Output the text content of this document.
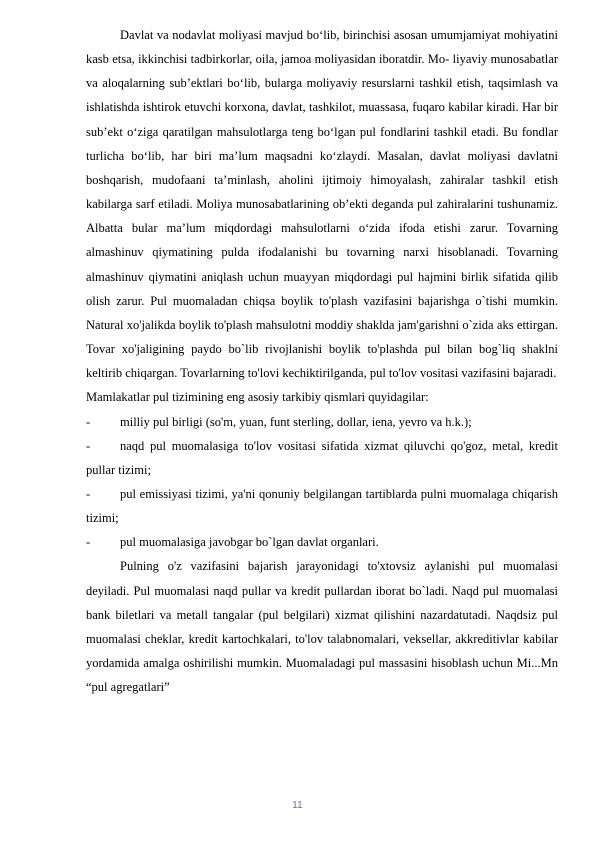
Davlat va nodavlat moliyasi mavjud bo‘lib, birinchisi asosan umumjamiyat mohiyatini kasb etsa, ikkinchisi tadbirkorlar, oila, jamoa moliyasidan iboratdir. Mo- liyaviy munosabatlar va aloqalarning sub’ektlari bo‘lib, bularga moliyaviy resurslarni tashkil etish, taqsimlash va ishlatishda ishtirok etuvchi korxona, davlat, tashkilot, muassasa, fuqaro kabilar kiradi. Har bir sub’ekt o‘ziga qaratilgan mahsulotlarga teng bo‘lgan pul fondlarini tashkil etadi. Bu fondlar turlicha bo‘lib, har biri ma’lum maqsadni ko‘zlaydi. Masalan, davlat moliyasi davlatni boshqarish, mudofaani ta’minlash, aholini ijtimoiy himoyalash, zahiralar tashkil etish kabilarga sarf etiladi. Moliya munosabatlarining ob’ekti deganda pul zahiralarini tushunamiz. Albatta bular ma’lum miqdordagi mahsulotlarni o‘zida ifoda etishi zarur. Tovarning almashinuv qiymatining pulda ifodalanishi bu tovarning narxi hisoblanadi. Tovarning almashinuv qiymatini aniqlash uchun muayyan miqdordagi pul hajmini birlik sifatida qilib olish zarur. Pul muomaladan chiqsa boylik to'plash vazifasini bajarishga o`tishi mumkin. Natural xo'jalikda boylik to'plash mahsulotni moddiy shaklda jam'garishni o`zida aks ettirgan. Tovar xo'jaligining paydo bo`lib rivojlanishi boylik to'plashda pul bilan bog`liq shaklni keltirib chiqargan. Tovarlarning to'lovi kechiktirilganda, pul to'lov vositasi vazifasini bajaradi.

Mamlakatlar pul tizimining eng asosiy tarkibiy qismlari quyidagilar:

- milliy pul birligi (so'm, yuan, funt sterling, dollar, iena, yevro va h.k.);

- naqd pul muomalasiga to'lov vositasi sifatida xizmat qiluvchi qo'goz, metal, kredit pullar tizimi;

- pul emissiyasi tizimi, ya'ni qonuniy belgilangan tartiblarda pulni muomalaga chiqarish tizimi;

- pul muomalasiga javobgar bo`lgan davlat organlari.

Pulning o'z vazifasini bajarish jarayonidagi to'xtovsiz aylanishi pul muomalasi deyiladi. Pul muomalasi naqd pullar va kredit pullardan iborat bo`ladi. Naqd pul muomalasi bank biletlari va metall tangalar (pul belgilari) xizmat qilishini nazardatutadi. Naqdsiz pul muomalasi cheklar, kredit kartochkalari, to'lov talabnomalari, veksellar, akkreditivlar kabilar yordamida amalga oshirilishi mumkin. Muomaladagi pul massasini hisoblash uchun Mi...Mn “pul agregatlari”

11
